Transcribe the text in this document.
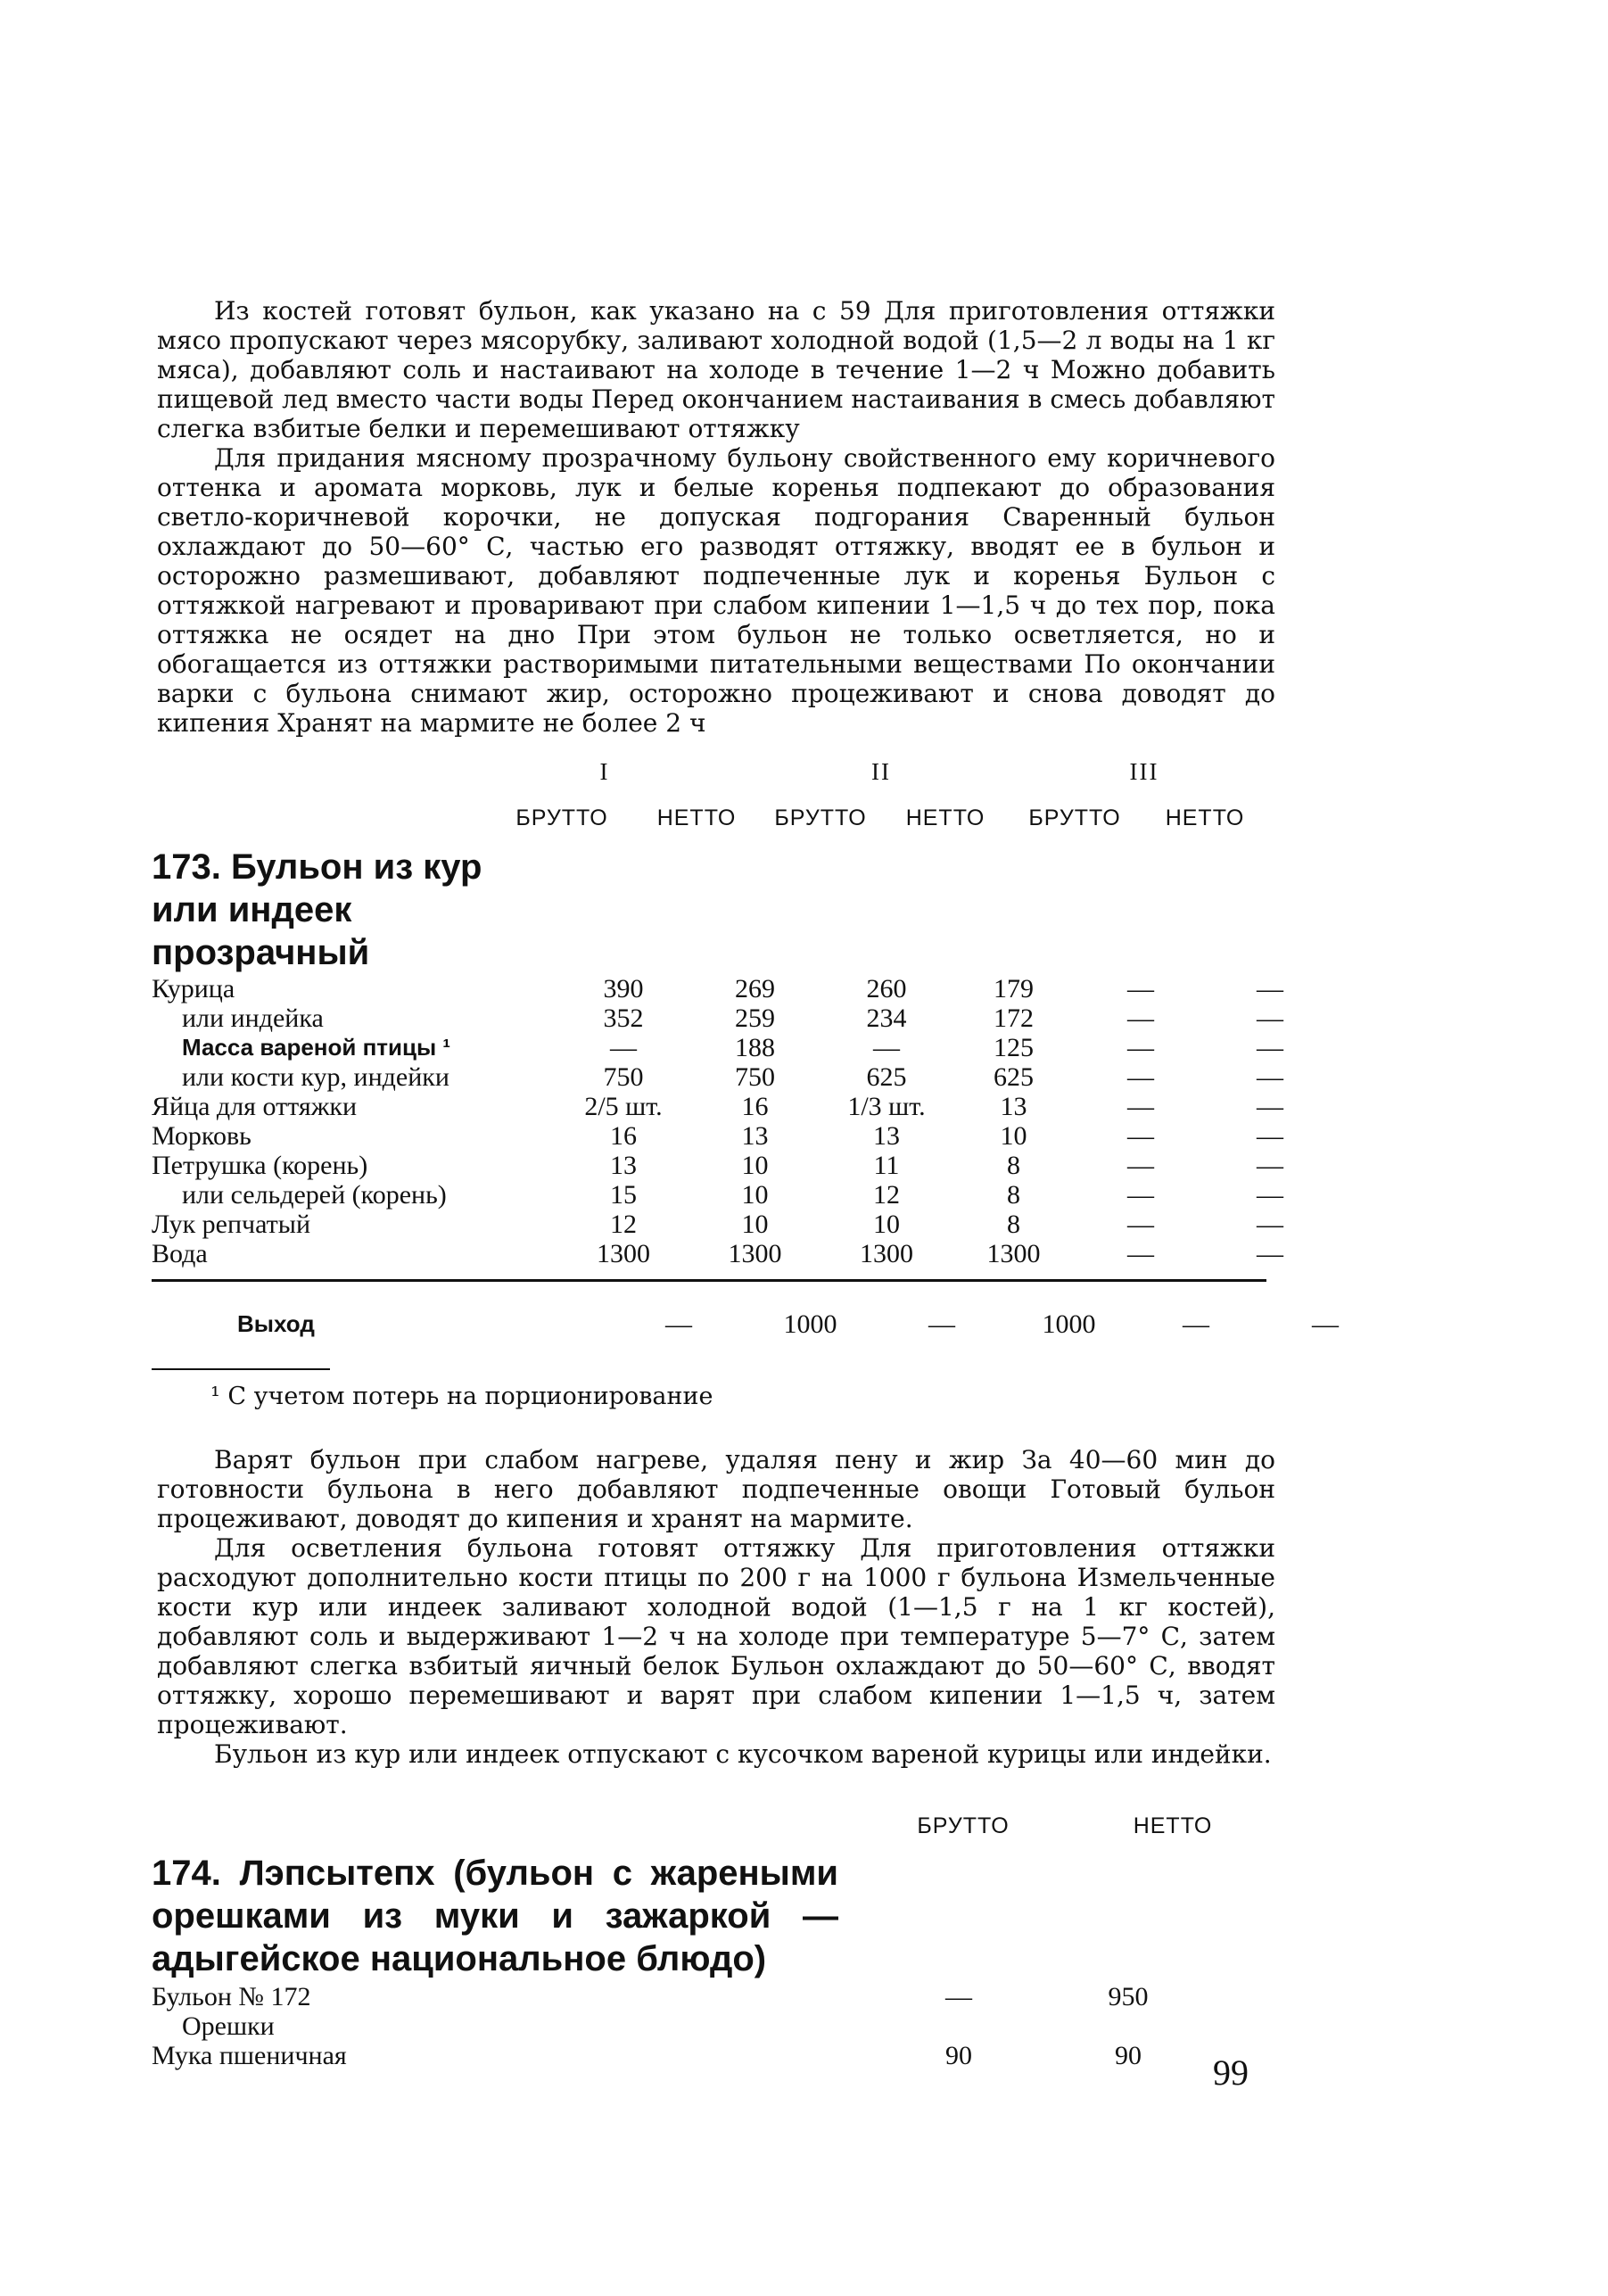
Из костей готовят бульон, как указано на с 59 Для приготовления оттяжки мясо пропускают через мясорубку, заливают холодной водой (1,5—2 л воды на 1 кг мяса), добавляют соль и настаивают на холоде в течение 1—2 ч Можно добавить пищевой лед вместо части воды Перед окончанием настаивания в смесь добавляют слегка взбитые белки и перемешивают оттяжку

Для придания мясному прозрачному бульону свойственного ему коричневого оттенка и аромата морковь, лук и белые коренья подпекают до образования светло-коричневой корочки, не допуская подгорания Сваренный бульон охлаждают до 50—60° С, частью его разводят оттяжку, вводят ее в бульон и осторожно размешивают, добавляют подпеченные лук и коренья Бульон с оттяжкой нагревают и проваривают при слабом кипении 1—1,5 ч до тех пор, пока оттяжка не осядет на дно При этом бульон не только осветляется, но и обогащается из оттяжки растворимыми питательными веществами По окончании варки с бульона снимают жир, осторожно процеживают и снова доводят до кипения Хранят на мармите не более 2 ч

I	II	III
БРУТТО	НЕТТО	БРУТТО	НЕТТО	БРУТТО	НЕТТО
173. Бульон из кур или индеек прозрачный
Курица	390	269	260	179	—	—
или индейка	352	259	234	172	—	—
Масса вареной птицы ¹	—	188	—	125	—	—
или кости кур, индейки	750	750	625	625	—	—
Яйца для оттяжки	2/5 шт.	16	1/3 шт.	13	—	—
Морковь	16	13	13	10	—	—
Петрушка (корень)	13	10	11	8	—	—
или сельдерей (корень)	15	10	12	8	—	—
Лук репчатый	12	10	10	8	—	—
Вода	1300	1300	1300	1300	—	—
Выход	—	1000	—	1000	—	—
¹ С учетом потерь на порционирование

Варят бульон при слабом нагреве, удаляя пену и жир За 40—60 мин до готовности бульона в него добавляют подпеченные овощи Готовый бульон процеживают, доводят до кипения и хранят на мармите.

Для осветления бульона готовят оттяжку Для приготовления оттяжки расходуют дополнительно кости птицы по 200 г на 1000 г бульона Измельченные кости кур или индеек заливают холодной водой (1—1,5 г на 1 кг костей), добавляют соль и выдерживают 1—2 ч на холоде при температуре 5—7° С, затем добавляют слегка взбитый яичный белок Бульон охлаждают до 50—60° С, вводят оттяжку, хорошо перемешивают и варят при слабом кипении 1—1,5 ч, затем процеживают.

Бульон из кур или индеек отпускают с кусочком вареной курицы или индейки.

БРУТТО	НЕТТО
174. Лэпсытепх (бульон с жареными орешками из муки и зажаркой — адыгейское национальное блюдо)
Бульон № 172	—	950
Орешки		
Мука пшеничная	90	90 99
